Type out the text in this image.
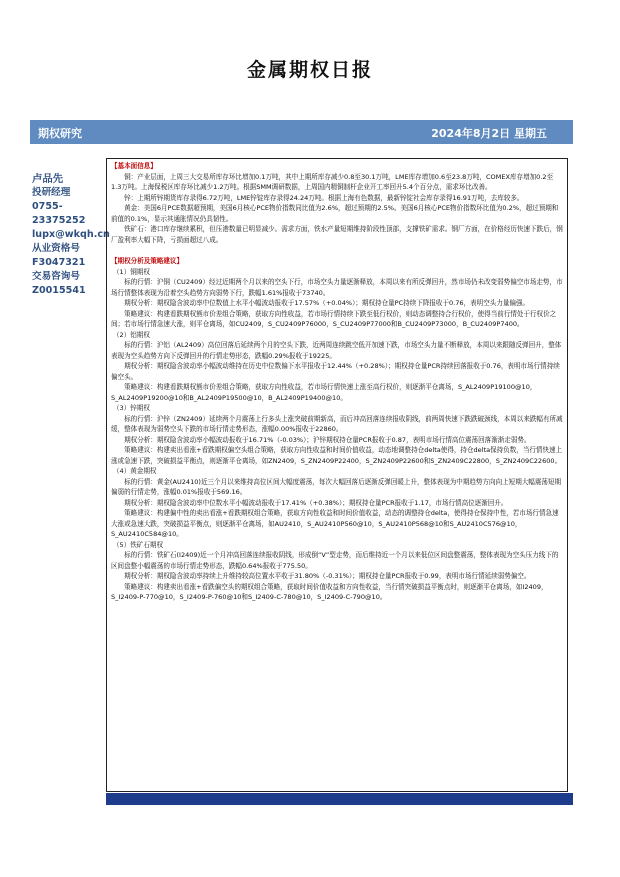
金属期权日报
期权研究	2024年8月2日 星期五
卢品先
投研经理
0755-23375252
lupx@wkqh.cn
从业资格号
F3047321
交易咨询号
Z0015541
【基本面信息】

铜：产业层面，上周三大交易所库存环比增加0.1万吨，其中上期所库存减少0.8至30.1万吨，LME库存增加0.6至23.8万吨，COMEX库存增加0.2至1.3万吨。上海保税区库存环比减少1.2万吨。根据SMM调研数据，上周国内精铜制杆企业开工率回升5.4个百分点，需求环比改善。

锌：上期所锌期货库存录得6.72万吨，LME锌锭库存录得24.24万吨。根据上海有色数据，最新锌锭社会库存录得16.91万吨，去库较多。

黄金：美国6月PCE数据超预期，美国6月核心PCE物价指数同比值为2.6%，超过预期的2.5%。美国6月核心PCE物价指数环比值为0.2%，超过预期和前值的0.1%，显示其通胀情况仍具韧性。

铁矿石：港口库存继续累积，但压港数量已明显减少。需求方面，铁水产量短期维持阶段性顶部，支撑铁矿需求。钢厂方面，在价格经历快速下跌后，钢厂盈利率大幅下降，亏损面超过八成。

【期权分析及策略建议】
（1）铜期权

标的行情：沪铜（CU2409）经过近期两个月以来的空头下行，市场空头力量逐渐释放，本周以来有所反弹回升，然市场仍未改变弱势偏空市场走势，市场行情整体表现为沿着空头趋势方向弱势下行，跌幅1.61%报收于73740。

期权分析：期权隐含波动率中位数值上水平小幅波动报收于17.57%（+0.04%）；期权持仓量PC持续下降报收于0.76，表明空头力量偏强。

策略建议：构建看跌期权熊市价差组合策略，获取方向性收益，若市场行情持续下跌至低行权价，则动态调整持合行权价，使得当前行情处于行权价之间；若市场行情急速大涨，则平仓离场，如CU2409，S_CU2409P76000，S_CU2409P77000和B_CU2409P73000，B_CU2409P7400。

（2）铝期权

标的行情：沪铝（AL2409）高位回落后延续两个月的空头下跌，近两周连续跳空低开加速下跌，市场空头力量不断释放，本周以来跟随反弹回升，整体表现为空头趋势方向下反弹回升的行情走势形态，跌幅0.29%报收于19225。

期权分析：期权隐含波动率小幅波动维持在历史中位数偏下水平报收于12.44%（+0.28%）；期权持仓量PCR持续回落报收于0.76，表明市场行情持续偏空头。

策略建议：构建看跌期权熊市价差组合策略，获取方向性收益，若市场行情快速上涨至高行权价，则逐渐平仓离场，S_AL2409P19100@10，S_AL2409P19200@10和B_AL2409P19500@10，B_AL2409P19400@10。

（3）锌期权

标的行情：沪锌（ZN2409）延续两个月震荡上行多头上涨突破前期新高，而后冲高回落连续报收阴线，前两周快速下跌跌破颈线，本周以来跌幅有所减缓，整体表现为弱势空头下跌的市场行情走势形态，涨幅0.00%报收于22860。

期权分析：期权隐含波动率小幅波动报收于16.71%（-0.03%）；沪锌期权持仓量PCR报收于0.87，表明市场行情高位震荡回落渐渐走弱势。

策略建议：构建卖出看涨+看跌期权偏空头组合策略，获取方向性收益和时间价值收益，动态地调整持仓delta使得，持仓delta保持负数，当行情快速上涨或急速下跌，突破损益平衡点，则逐渐平仓离场，如ZN2409，S_ZN2409P22400，S_ZN2409P22600和S_ZN2409C22800，S_ZN2409C22600。

（4）黄金期权

标的行情：黄金(AU2410)近三个月以来维持高位区间大幅度震荡，每次大幅回落后逐渐反弹回暖上升，整体表现为中期趋势方向向上短期大幅震荡短期偏弱的行情走势，涨幅0.01%报收于569.16。

期权分析：期权隐含波动率中位数水平小幅波动报收于17.41%（+0.38%）；期权持仓量PCR报收于1.17，市场行情高位逐渐回升。

策略建议：构建偏中性的卖出看涨+看跌期权组合策略，获取方向性收益和时间价值收益，动态的调整持仓delta，使得持仓保持中性，若市场行情急速大涨或急速大跌，突破损益平衡点，则逐渐平仓离场，如AU2410，S_AU2410P560@10，S_AU2410P568@10和S_AU2410C576@10，S_AU2410C584@10。

（5）铁矿石期权

标的行情：铁矿石(I2409)近一个月冲高回落连续报收阴线，形成倒“V”型走势，而后维持近一个月以来低位区间盘整震荡，整体表现为空头压力线下的区间盘整小幅震荡的市场行情走势形态，跌幅0.64%报收于775.50。

期权分析：期权隐含波动率持续上升维持较高位置水平收于31.80%（-0.31%）；期权持仓量PCR报收于0.99，表明市场行情延续弱势偏空。

策略建议：构建卖出看涨+看跌偏空头的期权组合策略，获取时间价值收益和方向性收益，当行情突破损益平衡点时，则逐渐平仓离场，如I2409，S_I2409-P-770@10，S_I2409-P-760@10和S_I2409-C-780@10，S_I2409-C-790@10。
